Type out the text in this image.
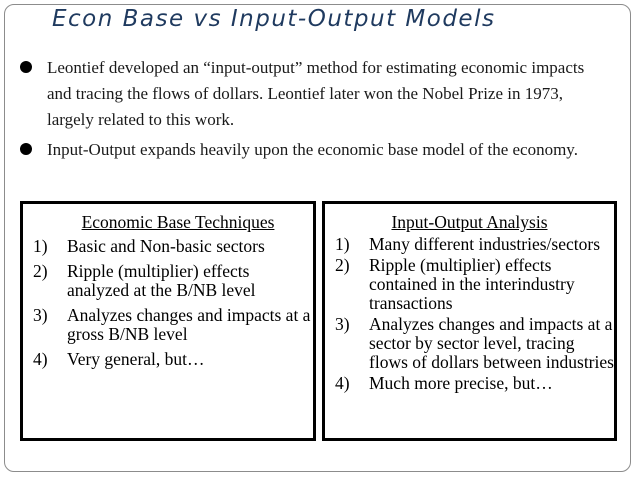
Econ Base vs Input-Output Models
Leontief developed an “input-output” method for estimating economic impacts and tracing the flows of dollars. Leontief later won the Nobel Prize in 1973, largely related to this work.
Input-Output expands heavily upon the economic base model of the economy.
Economic Base Techniques
1) Basic and Non-basic sectors
2) Ripple (multiplier) effects analyzed at the B/NB level
3) Analyzes changes and impacts at a gross B/NB level
4) Very general, but…
Input-Output Analysis
1) Many different industries/sectors
2) Ripple (multiplier) effects contained in the interindustry transactions
3) Analyzes changes and impacts at a sector by sector level, tracing flows of dollars between industries
4) Much more precise, but…
